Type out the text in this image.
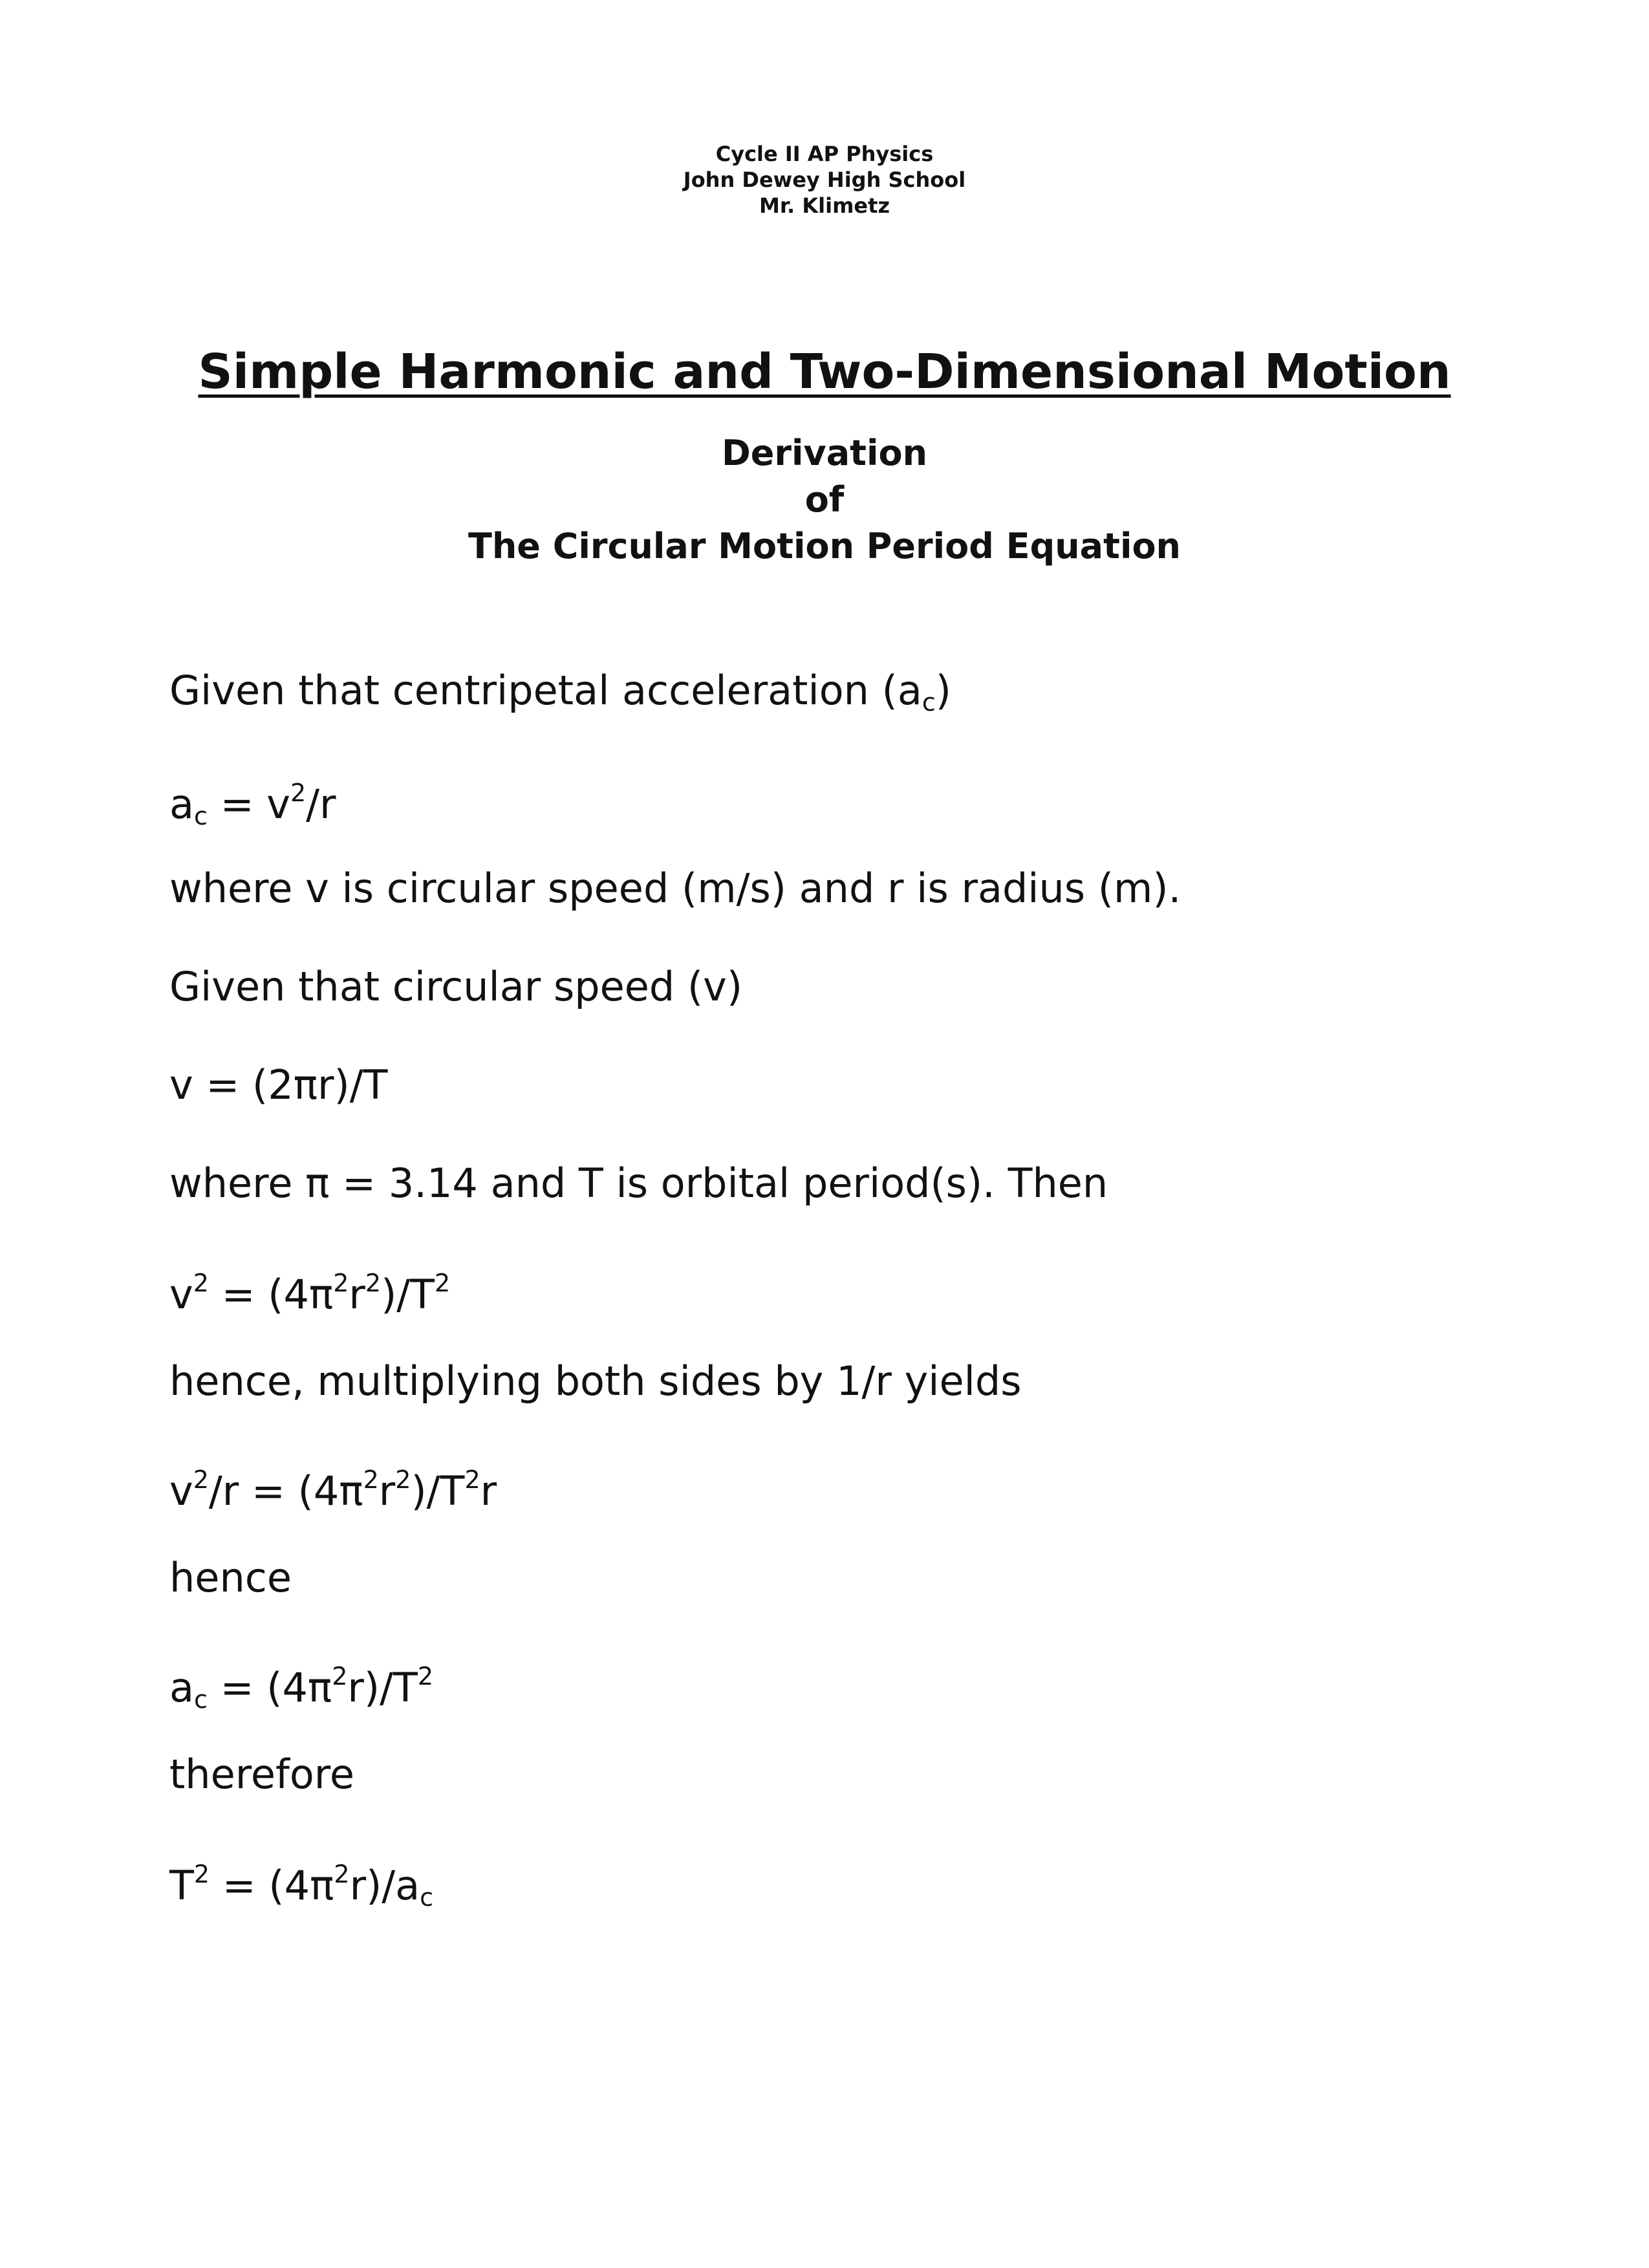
Cycle II AP Physics
John Dewey High School
Mr. Klimetz
Simple Harmonic and Two-Dimensional Motion
Derivation
of
The Circular Motion Period Equation
Given that centripetal acceleration $(a_c)$
$a_c = v^2/r$
where v is circular speed (m/s) and r is radius (m).
Given that circular speed (v)
v = (2πr)/T
where π = 3.14 and T is orbital period(s). Then
$v^2 = (4\pi^2r^2)/T^2$
hence, multiplying both sides by 1/r yields
$v^2/r = (4\pi^2r^2)/T^2r$
hence
$a_c = (4\pi^2r)/T^2$
therefore
$T^2 = (4\pi^2r)/a_c$
